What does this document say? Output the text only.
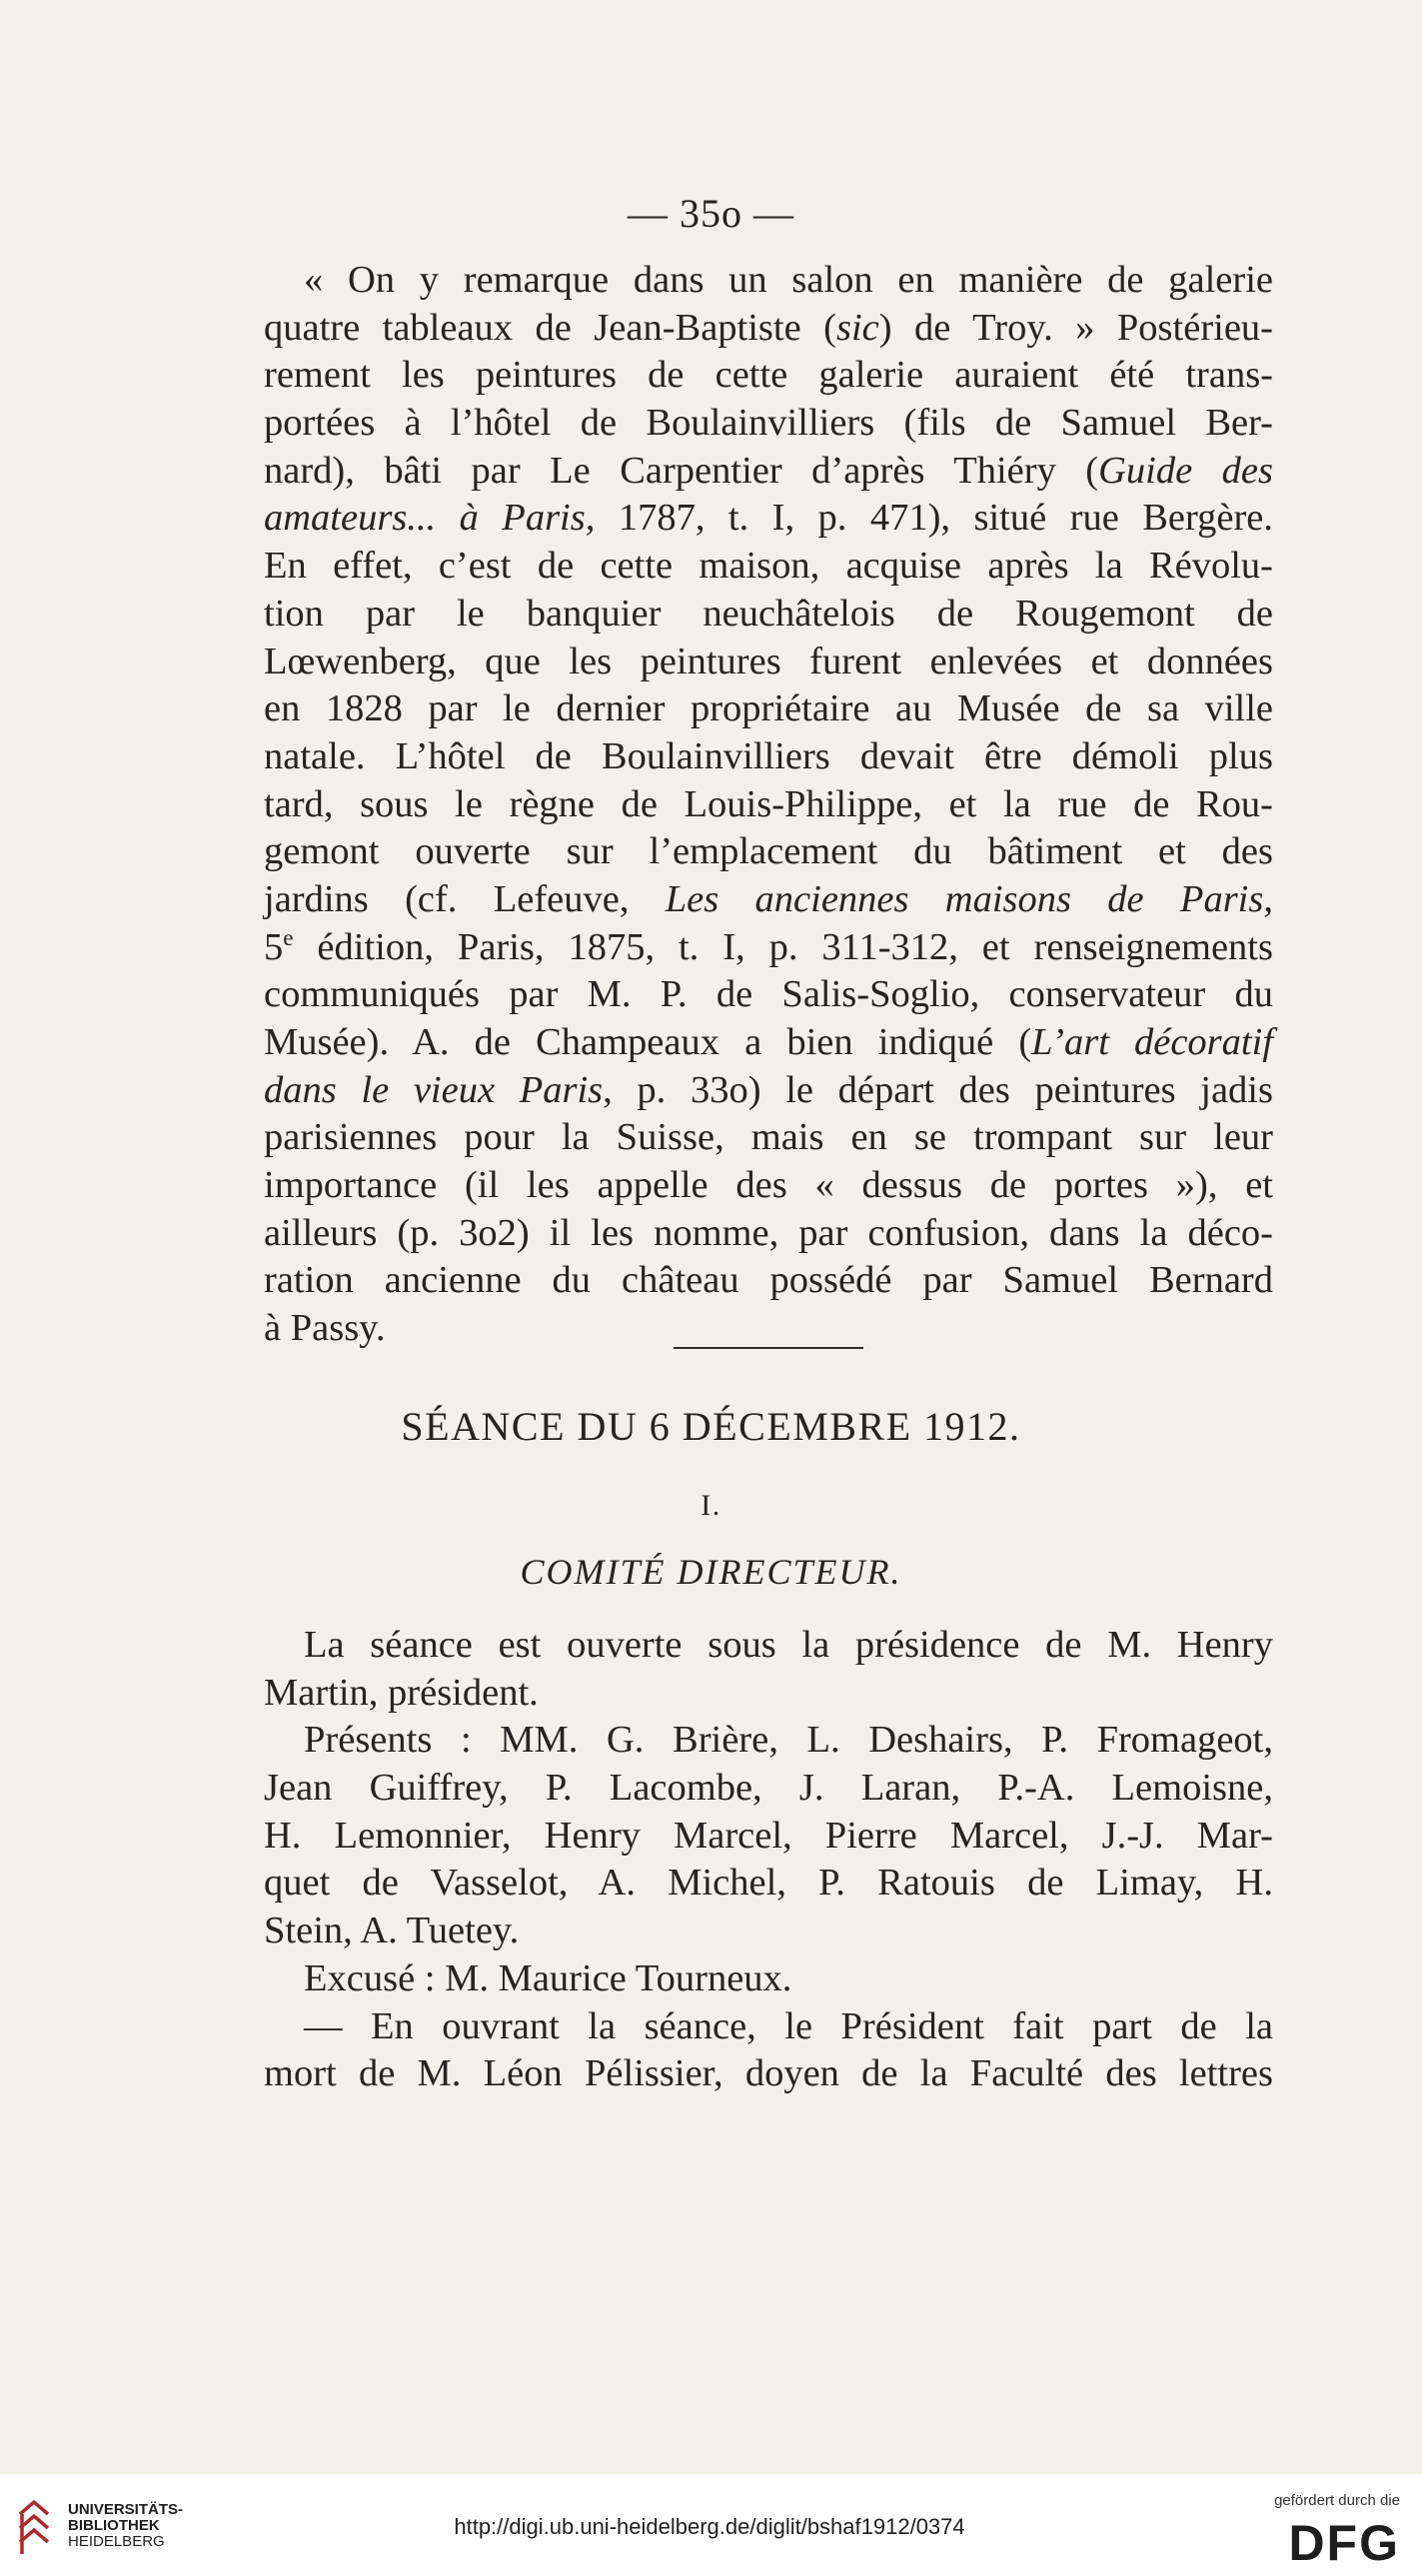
— 35o —
« On y remarque dans un salon en manière de galerie
quatre tableaux de Jean-Baptiste (sic) de Troy. » Postérieu-
rement les peintures de cette galerie auraient été trans-
portées à l’hôtel de Boulainvilliers (fils de Samuel Ber-
nard), bâti par Le Carpentier d’après Thiéry (Guide des
amateurs... à Paris, 1787, t. I, p. 471), situé rue Bergère.
En effet, c’est de cette maison, acquise après la Révolu-
tion par le banquier neuchâtelois de Rougemont de
Lœwenberg, que les peintures furent enlevées et données
en 1828 par le dernier propriétaire au Musée de sa ville
natale. L’hôtel de Boulainvilliers devait être démoli plus
tard, sous le règne de Louis-Philippe, et la rue de Rou-
gemont ouverte sur l’emplacement du bâtiment et des
jardins (cf. Lefeuve, Les anciennes maisons de Paris,
5e édition, Paris, 1875, t. I, p. 311-312, et renseignements
communiqués par M. P. de Salis-Soglio, conservateur du
Musée). A. de Champeaux a bien indiqué (L’art décoratif
dans le vieux Paris, p. 33o) le départ des peintures jadis
parisiennes pour la Suisse, mais en se trompant sur leur
importance (il les appelle des « dessus de portes »), et
ailleurs (p. 3o2) il les nomme, par confusion, dans la déco-
ration ancienne du château possédé par Samuel Bernard
à Passy.
SÉANCE DU 6 DÉCEMBRE 1912.
I.
COMITÉ DIRECTEUR.
La séance est ouverte sous la présidence de M. Henry
Martin, président.
Présents : MM. G. Brière, L. Deshairs, P. Fromageot,
Jean Guiffrey, P. Lacombe, J. Laran, P.-A. Lemoisne,
H. Lemonnier, Henry Marcel, Pierre Marcel, J.-J. Mar-
quet de Vasselot, A. Michel, P. Ratouis de Limay, H.
Stein, A. Tuetey.
Excusé : M. Maurice Tourneux.
— En ouvrant la séance, le Président fait part de la
mort de M. Léon Pélissier, doyen de la Faculté des lettres
UNIVERSITÄTS-
BIBLIOTHEK
HEIDELBERG
http://digi.ub.uni-heidelberg.de/diglit/bshaf1912/0374
gefördert durch die
DFG
